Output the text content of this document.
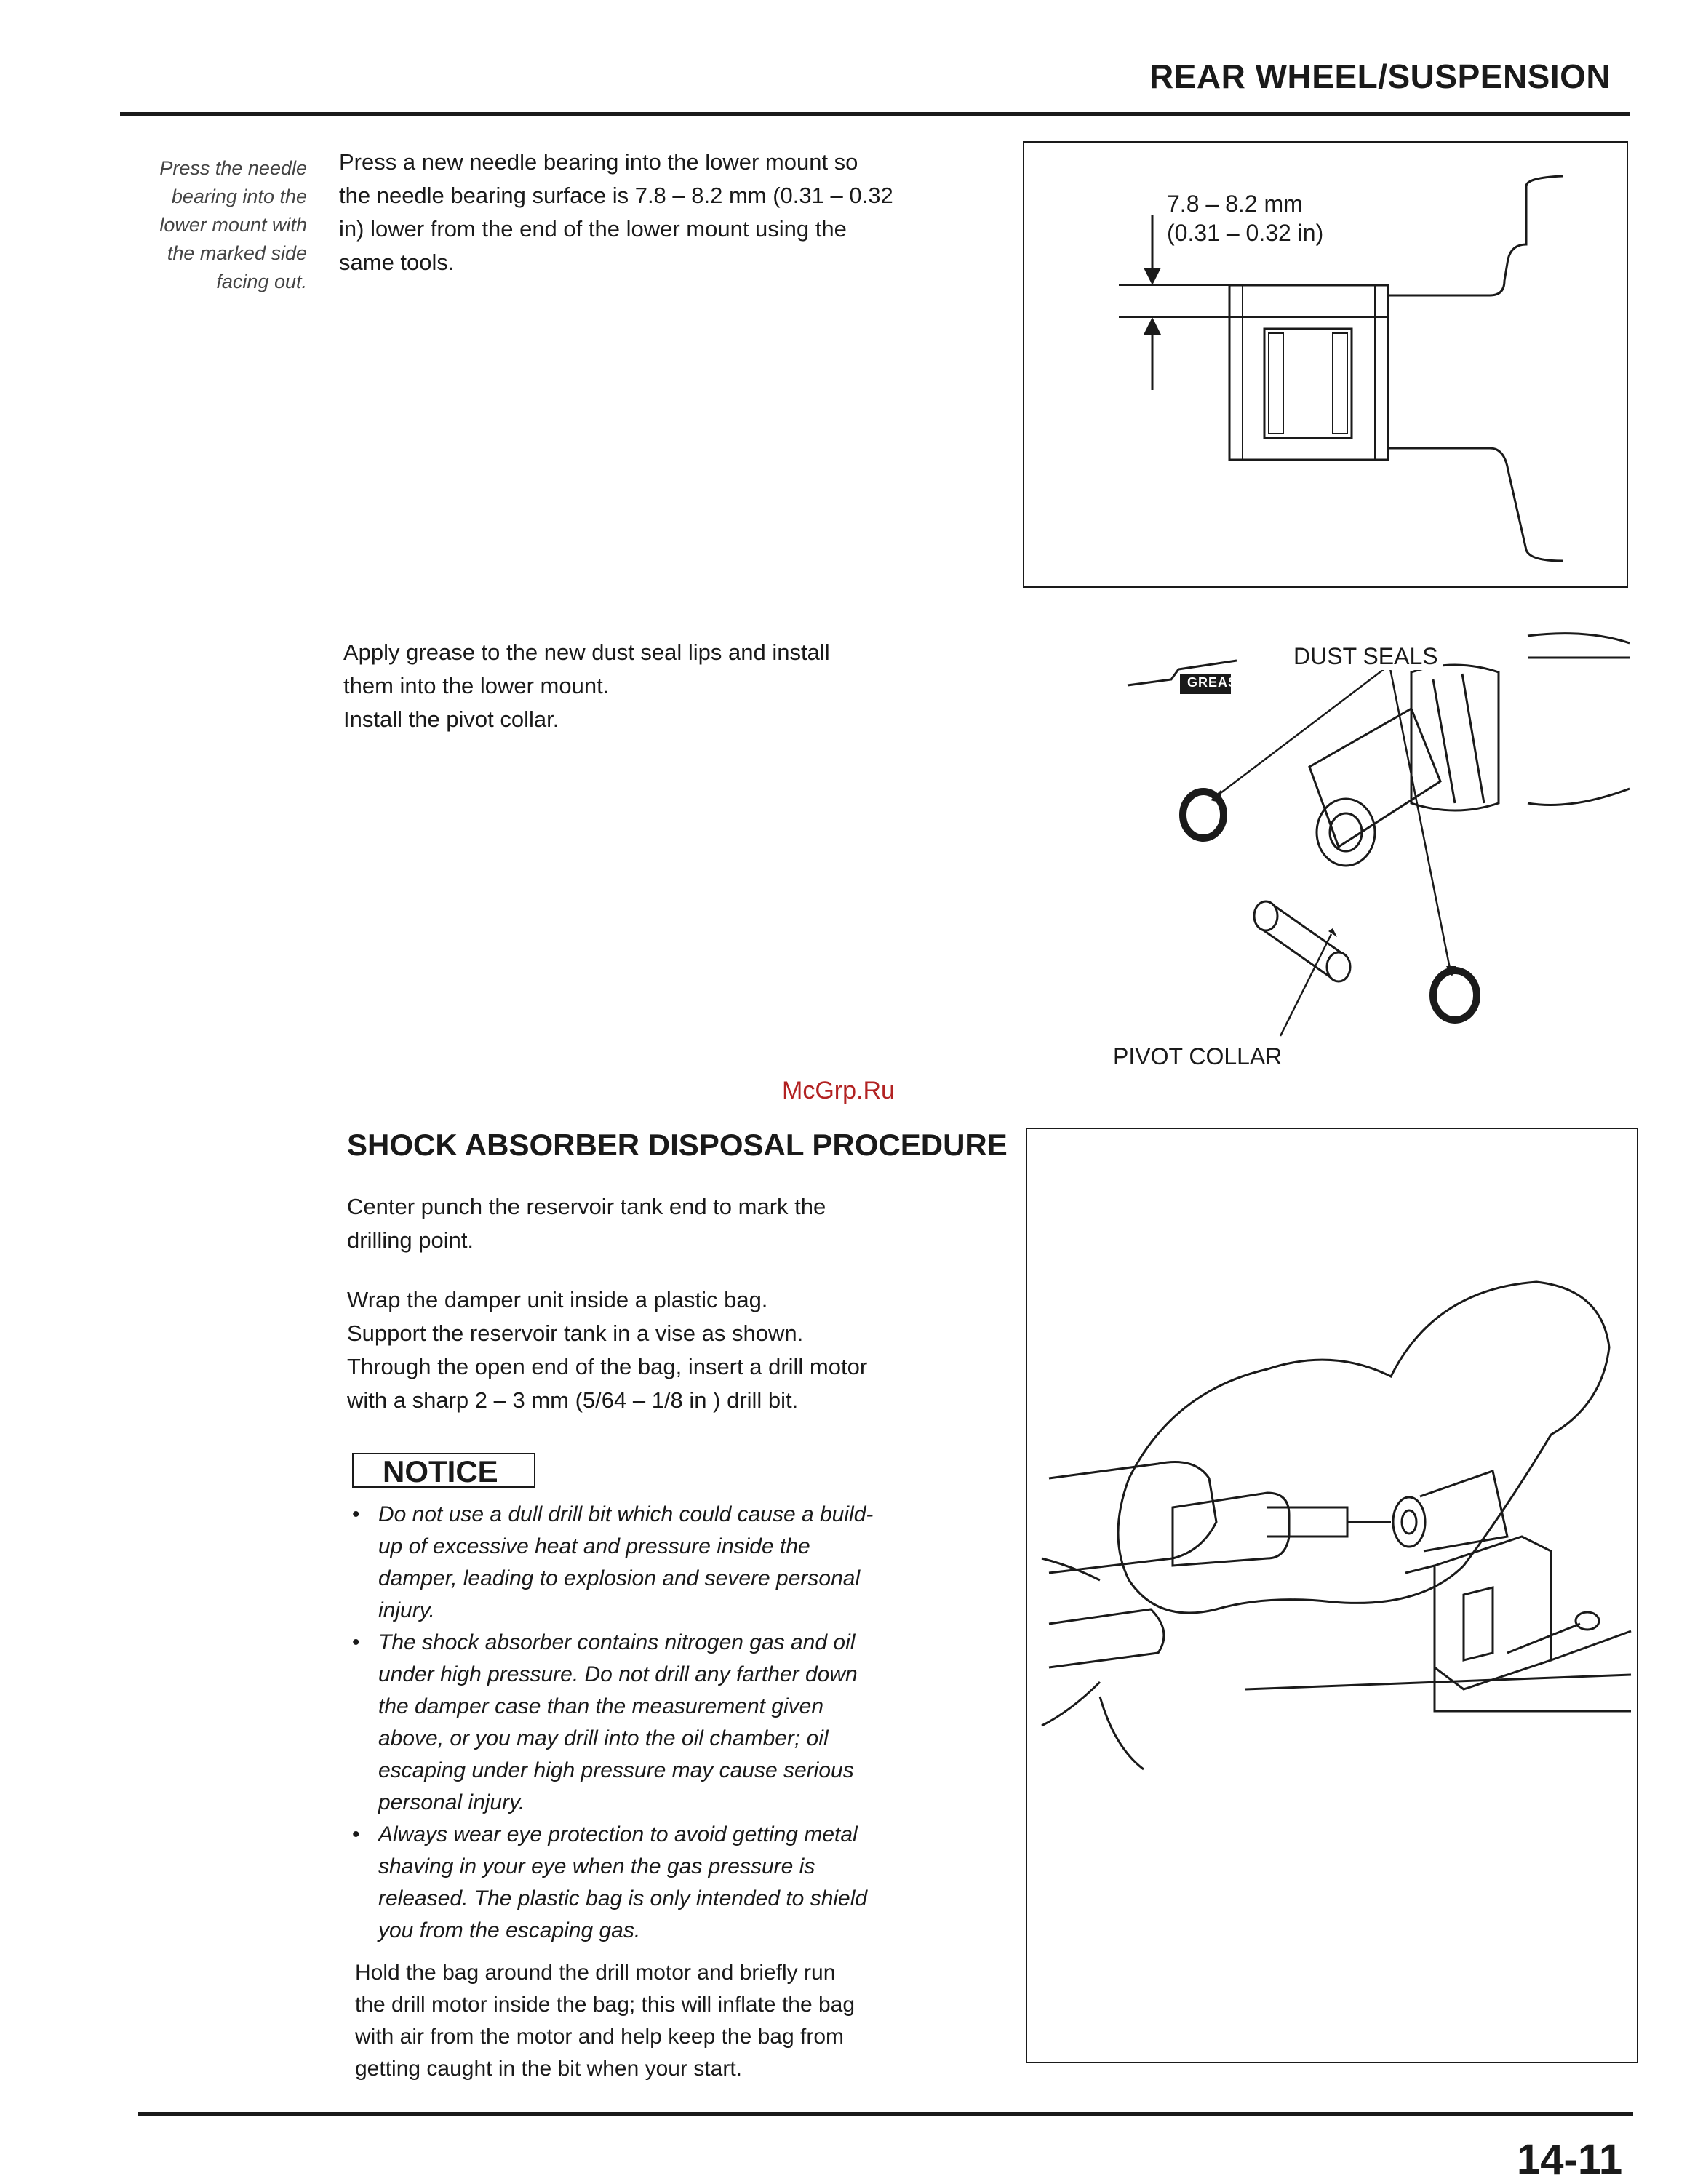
REAR WHEEL/SUSPENSION
Press the needle
bearing into the
lower mount with
the marked side
facing out.
Press a new needle bearing into the lower mount so
the needle bearing surface is 7.8 – 8.2 mm (0.31 – 0.32
in) lower from the end of the lower mount using the
same tools.
7.8 – 8.2 mm
(0.31 – 0.32 in)
Apply grease to the new dust seal lips and install
them into the lower mount.
Install the pivot collar.
GREASE
DUST SEALS
PIVOT COLLAR
McGrp.Ru
SHOCK ABSORBER DISPOSAL PROCEDURE
Center punch the reservoir tank end to mark the
drilling point.
Wrap the damper unit inside a plastic bag.
Support the reservoir tank in a vise as shown.
Through the open end of the bag, insert a drill motor
with a sharp 2 – 3 mm (5/64 – 1/8 in ) drill bit.
NOTICE
• Do not use a dull drill bit which could cause a build-
up of excessive heat and pressure inside the
damper, leading to explosion and severe personal
injury.
• The shock absorber contains nitrogen gas and oil
under high pressure. Do not drill any farther down
the damper case than the measurement given
above, or you may drill into the oil chamber; oil
escaping under high pressure may cause serious
personal injury.
• Always wear eye protection to avoid getting metal
shaving in your eye when the gas pressure is
released. The plastic bag is only intended to shield
you from the escaping gas.
Hold the bag around the drill motor and briefly run
the drill motor inside the bag; this will inflate the bag
with air from the motor and help keep the bag from
getting caught in the bit when your start.
14-11
